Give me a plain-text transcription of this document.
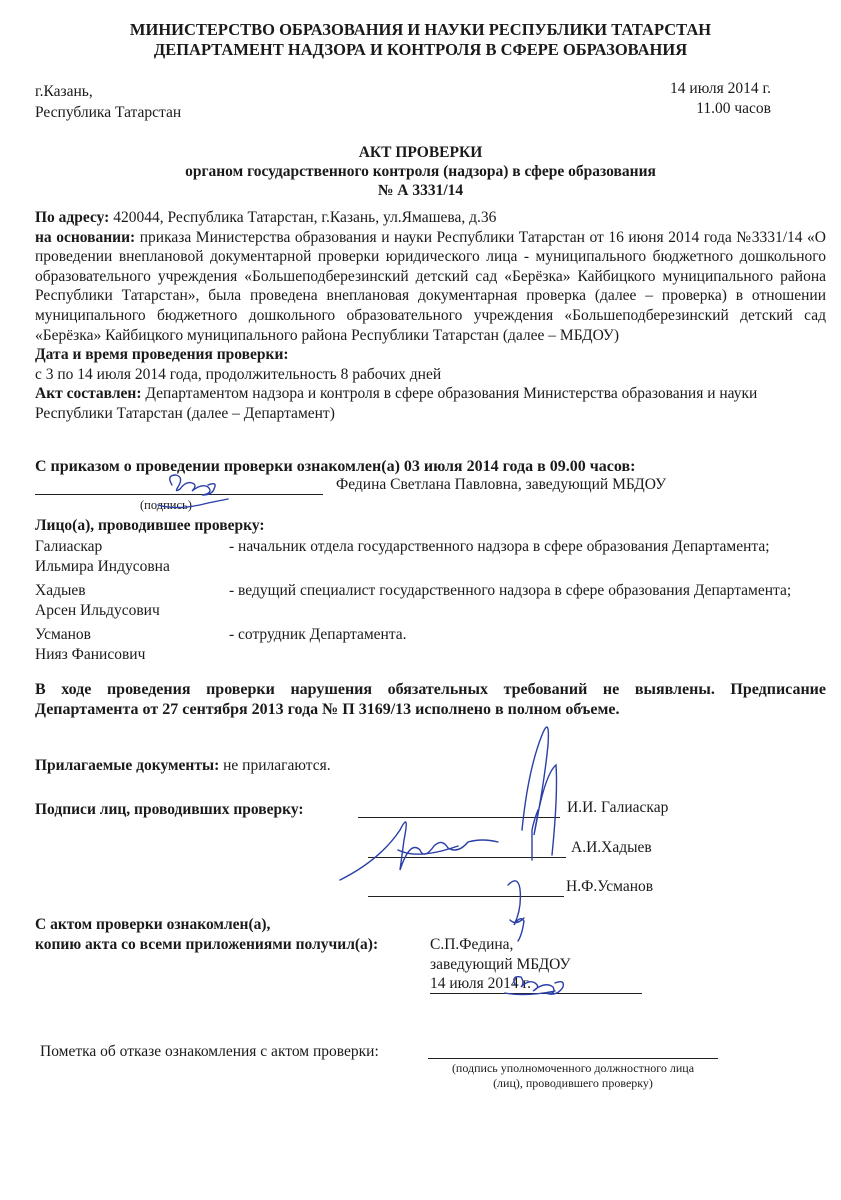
МИНИСТЕРСТВО ОБРАЗОВАНИЯ И НАУКИ РЕСПУБЛИКИ ТАТАРСТАН
ДЕПАРТАМЕНТ НАДЗОРА И КОНТРОЛЯ В СФЕРЕ ОБРАЗОВАНИЯ
г.Казань,
Республика Татарстан
14 июля 2014 г.
11.00 часов
АКТ ПРОВЕРКИ
органом государственного контроля (надзора) в сфере образования
№ А 3331/14

По адресу: 420044, Республика Татарстан, г.Казань, ул.Ямашева, д.36

на основании: приказа Министерства образования и науки Республики Татарстан от 16 июня 2014 года №3331/14 «О проведении внеплановой документарной проверки юридического лица - муниципального бюджетного дошкольного образовательного учреждения «Большеподберезинский детский сад «Берёзка» Кайбицкого муниципального района Республики Татарстан», была проведена внеплановая документарная проверка (далее – проверка) в отношении муниципального бюджетного дошкольного образовательного учреждения «Большеподберезинский детский сад «Берёзка» Кайбицкого муниципального района Республики Татарстан (далее – МБДОУ)

Дата и время проведения проверки:

с 3 по 14 июля 2014 года, продолжительность 8 рабочих дней

Акт составлен: Департаментом надзора и контроля в сфере образования Министерства образования и науки Республики Татарстан (далее – Департамент)

С приказом о проведении проверки ознакомлен(а) 03 июля 2014 года в 09.00 часов:
Федина Светлана Павловна, заведующий МБДОУ
(подпись)
Лицо(а), проводившее проверку:
Галиаскар
Ильмира Индусовна
- начальник отдела государственного надзора в сфере образования Департамента;
Хадыев
Арсен Ильдусович
- ведущий специалист государственного надзора в сфере образования Департамента;
Усманов
Нияз Фанисович
- сотрудник Департамента.

В ходе проведения проверки нарушения обязательных требований не выявлены. Предписание Департамента от 27 сентября 2013 года № П 3169/13 исполнено в полном объеме.

Прилагаемые документы: не прилагаются.
Подписи лиц, проводивших проверку:	И.И. Галиаскар
А.И.Хадыев
Н.Ф.Усманов
С актом проверки ознакомлен(а),
копию акта со всеми приложениями получил(а):	С.П.Федина,
заведующий МБДОУ
14 июля 2014 г.
Пометка об отказе ознакомления с актом проверки:
(подпись уполномоченного должностного лица
(лиц), проводившего проверку)
